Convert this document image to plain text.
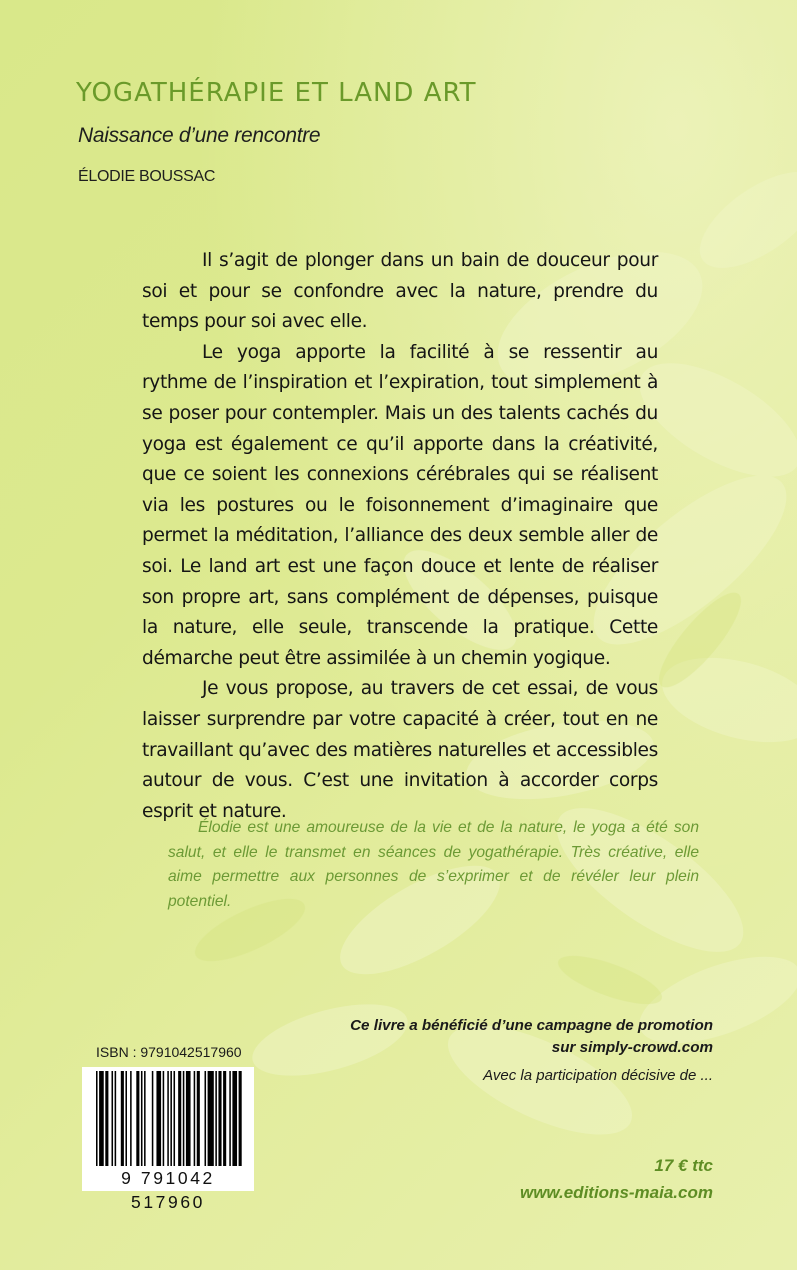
YOGATHÉRAPIE ET LAND ART
Naissance d’une rencontre
ÉLODIE BOUSSAC

Il s’agit de plonger dans un bain de douceur pour soi et pour se confondre avec la nature, prendre du temps pour soi avec elle.

Le yoga apporte la facilité à se ressentir au rythme de l’inspiration et l’expiration, tout simplement à se poser pour contempler. Mais un des talents cachés du yoga est également ce qu’il apporte dans la créativité, que ce soient les connexions cérébrales qui se réalisent via les postures ou le foisonnement d’imaginaire que permet la méditation, l’alliance des deux semble aller de soi. Le land art est une façon douce et lente de réaliser son propre art, sans complément de dépenses, puisque la nature, elle seule, transcende la pratique. Cette démarche peut être assimilée à un chemin yogique.

Je vous propose, au travers de cet essai, de vous laisser surprendre par votre capacité à créer, tout en ne travaillant qu’avec des matières naturelles et accessibles autour de vous. C’est une invitation à accorder corps esprit et nature.

Élodie est une amoureuse de la vie et de la nature, le yoga a été son salut, et elle le transmet en séances de yogathérapie. Très créative, elle aime permettre aux personnes de s’exprimer et de révéler leur plein potentiel.
Ce livre a bénéficié d’une campagne de promotion
sur simply-crowd.com
Avec la participation décisive de ...
ISBN : 9791042517960
9 791042 517960
17 € ttc
www.editions-maia.com
